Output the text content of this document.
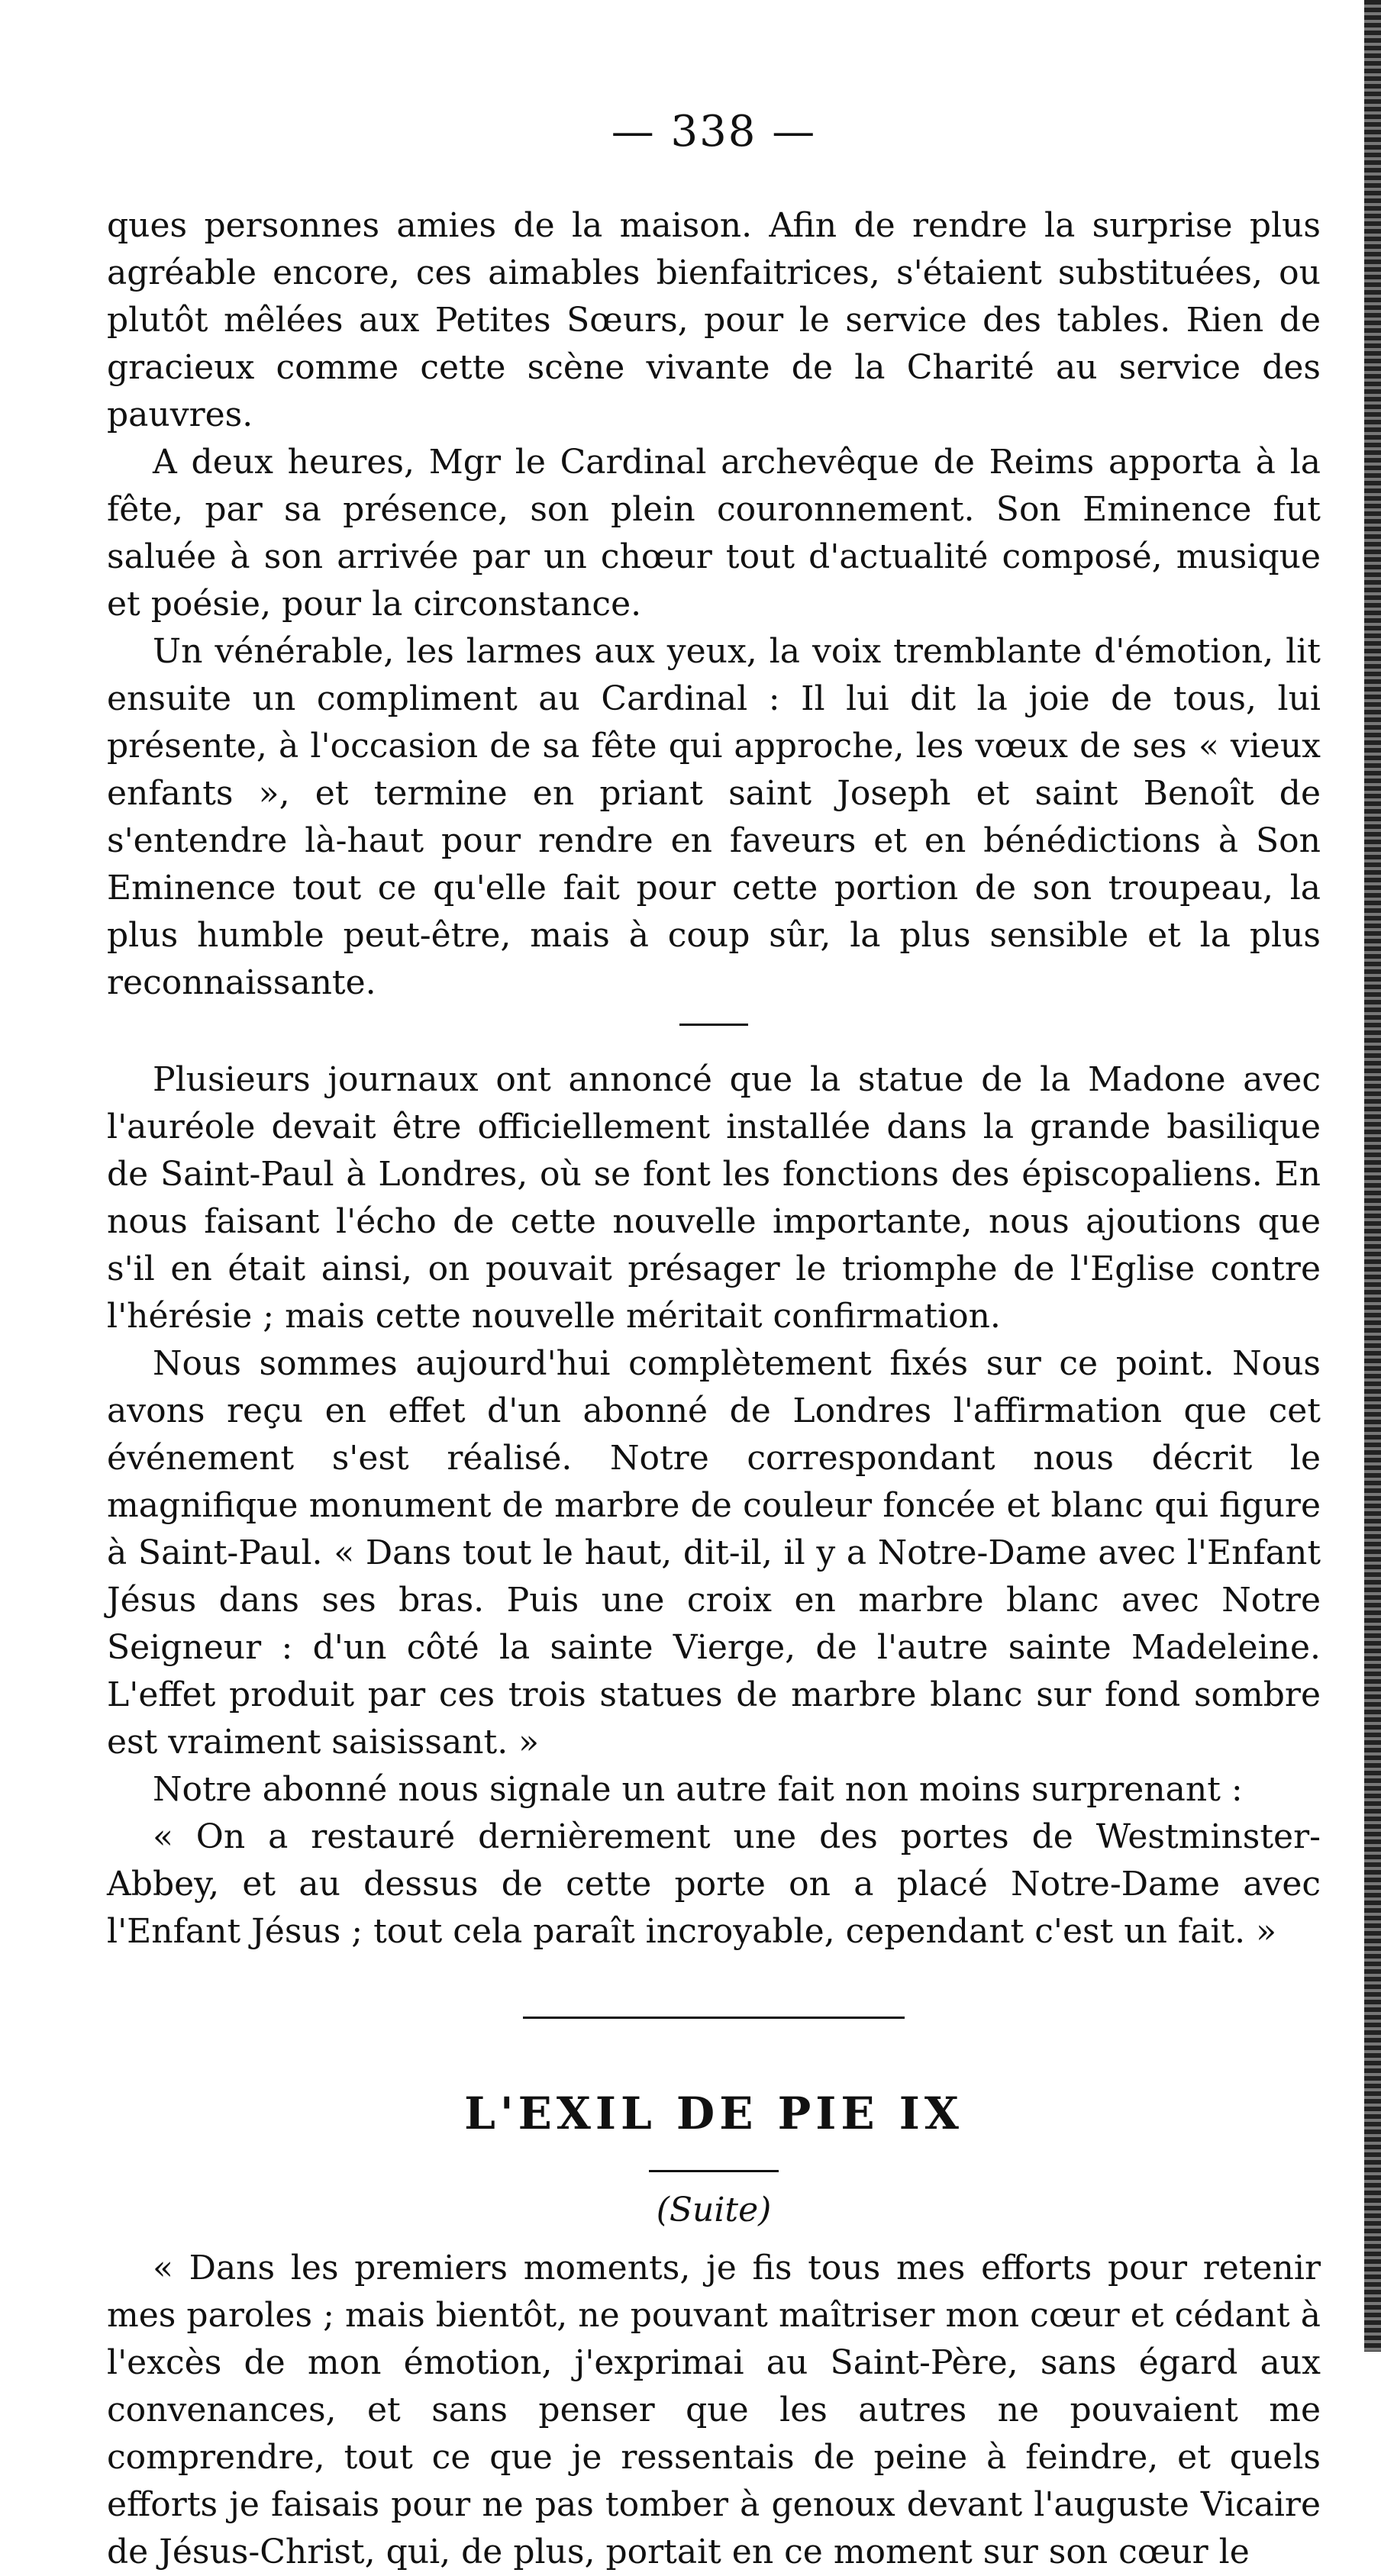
— 338 —

ques personnes amies de la maison. Afin de rendre la surprise plus agréable encore, ces aimables bienfaitrices, s'étaient substituées, ou plutôt mêlées aux Petites Sœurs, pour le service des tables. Rien de gracieux comme cette scène vivante de la Charité au service des pauvres.

A deux heures, Mgr le Cardinal archevêque de Reims apporta à la fête, par sa présence, son plein couronnement. Son Eminence fut saluée à son arrivée par un chœur tout d'actualité composé, musique et poésie, pour la circonstance.

Un vénérable, les larmes aux yeux, la voix tremblante d'émotion, lit ensuite un compliment au Cardinal : Il lui dit la joie de tous, lui présente, à l'occasion de sa fête qui approche, les vœux de ses « vieux enfants », et termine en priant saint Joseph et saint Benoît de s'entendre là-haut pour rendre en faveurs et en bénédictions à Son Eminence tout ce qu'elle fait pour cette portion de son troupeau, la plus humble peut-être, mais à coup sûr, la plus sensible et la plus reconnaissante.

Plusieurs journaux ont annoncé que la statue de la Madone avec l'auréole devait être officiellement installée dans la grande basilique de Saint-Paul à Londres, où se font les fonctions des épiscopaliens. En nous faisant l'écho de cette nouvelle importante, nous ajoutions que s'il en était ainsi, on pouvait présager le triomphe de l'Eglise contre l'hérésie ; mais cette nouvelle méritait confirmation.

Nous sommes aujourd'hui complètement fixés sur ce point. Nous avons reçu en effet d'un abonné de Londres l'affirmation que cet événement s'est réalisé. Notre correspondant nous décrit le magnifique monument de marbre de couleur foncée et blanc qui figure à Saint-Paul. « Dans tout le haut, dit-il, il y a Notre-Dame avec l'Enfant Jésus dans ses bras. Puis une croix en marbre blanc avec Notre Seigneur : d'un côté la sainte Vierge, de l'autre sainte Madeleine. L'effet produit par ces trois statues de marbre blanc sur fond sombre est vraiment saisissant. »

Notre abonné nous signale un autre fait non moins surprenant :

« On a restauré dernièrement une des portes de Westminster-Abbey, et au dessus de cette porte on a placé Notre-Dame avec l'Enfant Jésus ; tout cela paraît incroyable, cependant c'est un fait. »

L'EXIL DE PIE IX
(Suite)

« Dans les premiers moments, je fis tous mes efforts pour retenir mes paroles ; mais bientôt, ne pouvant maîtriser mon cœur et cédant à l'excès de mon émotion, j'exprimai au Saint-Père, sans égard aux convenances, et sans penser que les autres ne pouvaient me comprendre, tout ce que je ressentais de peine à feindre, et quels efforts je faisais pour ne pas tomber à genoux devant l'auguste Vicaire de Jésus-Christ, qui, de plus, portait en ce moment sur son cœur le
